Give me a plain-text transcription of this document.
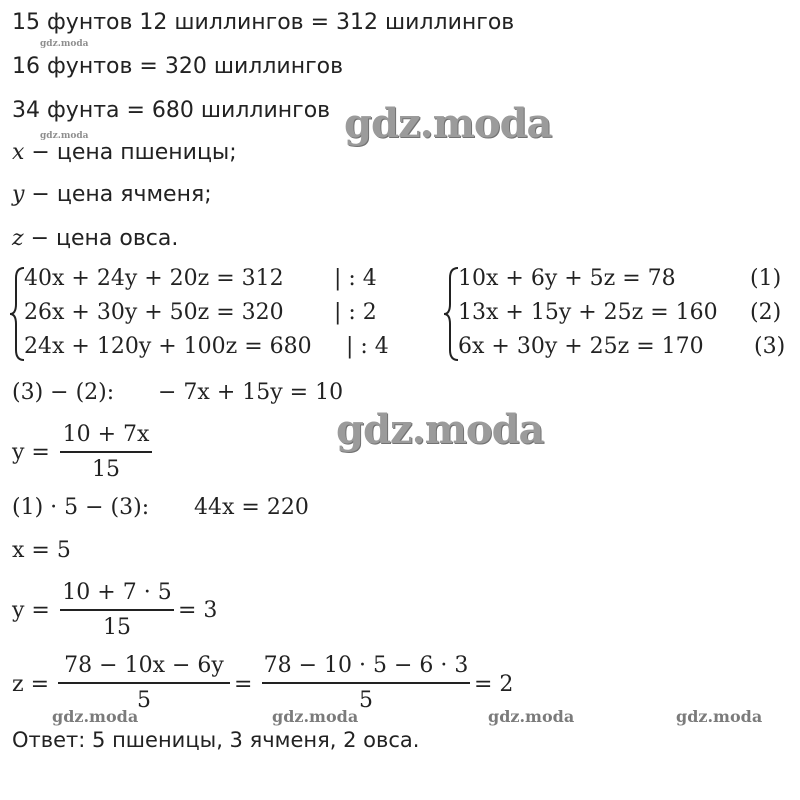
15 фунтов 12 шиллингов = 312 шиллингов
16 фунтов = 320 шиллингов
34 фунта = 680 шиллингов
x − цена пшеницы;
y − цена ячменя;
z − цена овса.
40x + 24y + 20z = 312
26x + 30y + 50z = 320
24x + 120y + 100z = 680
| : 4
| : 2
| : 4
10x + 6y + 5z = 78
13x + 15y + 25z = 160
6x + 30y + 25z = 170
(1)
(2)
(3)
(3) − (2): − 7x + 15y = 10
y =
10 + 7x
15
(1) · 5 − (3): 44x = 220
x = 5
y =
10 + 7 · 5
15
= 3
z =
78 − 10x − 6y
5
=
78 − 10 · 5 − 6 · 3
5
= 2
Ответ: 5 пшеницы, 3 ячменя, 2 овса.
gdz.moda
gdz.moda	gdz.moda
gdz.moda
gdz.moda	gdz.moda	gdz.moda	gdz.moda
